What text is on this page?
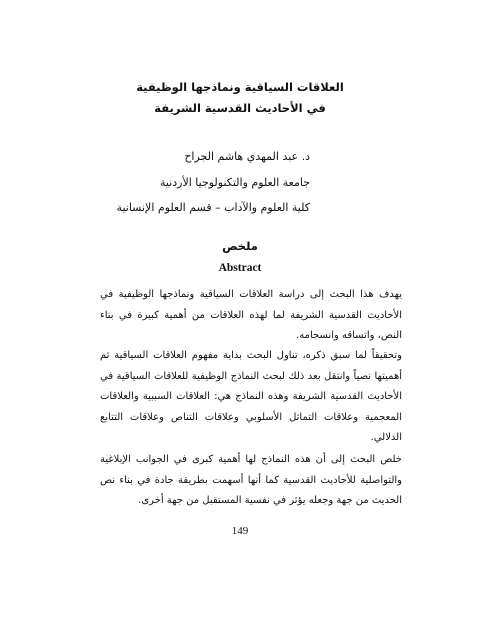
العلاقات السياقية ونماذجها الوظيفية
في الأحاديث القدسية الشريفة
د. عبد المهدي هاشم الجراح
جامعة العلوم والتكنولوجيا الأردنية
كلية العلوم والآداب – قسم العلوم الإنسانية
ملخص
Abstract

يهدف هذا البحث إلى دراسة العلاقات السياقية ونماذجها الوظيفية في الأحاديث القدسية الشريفة لما لهذه العلاقات من أهمية كبيرة في بناء النص، واتساقه وانسجامه.

وتحقيقاً لما سبق ذكره، تناول البحث بداية مفهوم العلاقات السياقية ثم أهميتها نصياً وانتقل بعد ذلك لبحث النماذج الوظيفية للعلاقات السياقية في الأحاديث القدسية الشريفة وهذه النماذج هي: العلاقات السببية والعلاقات المعجمية وعلاقات التماثل الأسلوبي وعلاقات التناص وعلاقات التتابع الدلالي.

خلص البحث إلى أن هذه النماذج لها أهمية كبرى في الجوانب الإبلاغية والتواصلية للأحاديث القدسية كما أنها أسهمت بطريقة جادة في بناء نص الحديث من جهة وجعله يؤثر في نفسية المستقبل من جهة أخرى.

149
